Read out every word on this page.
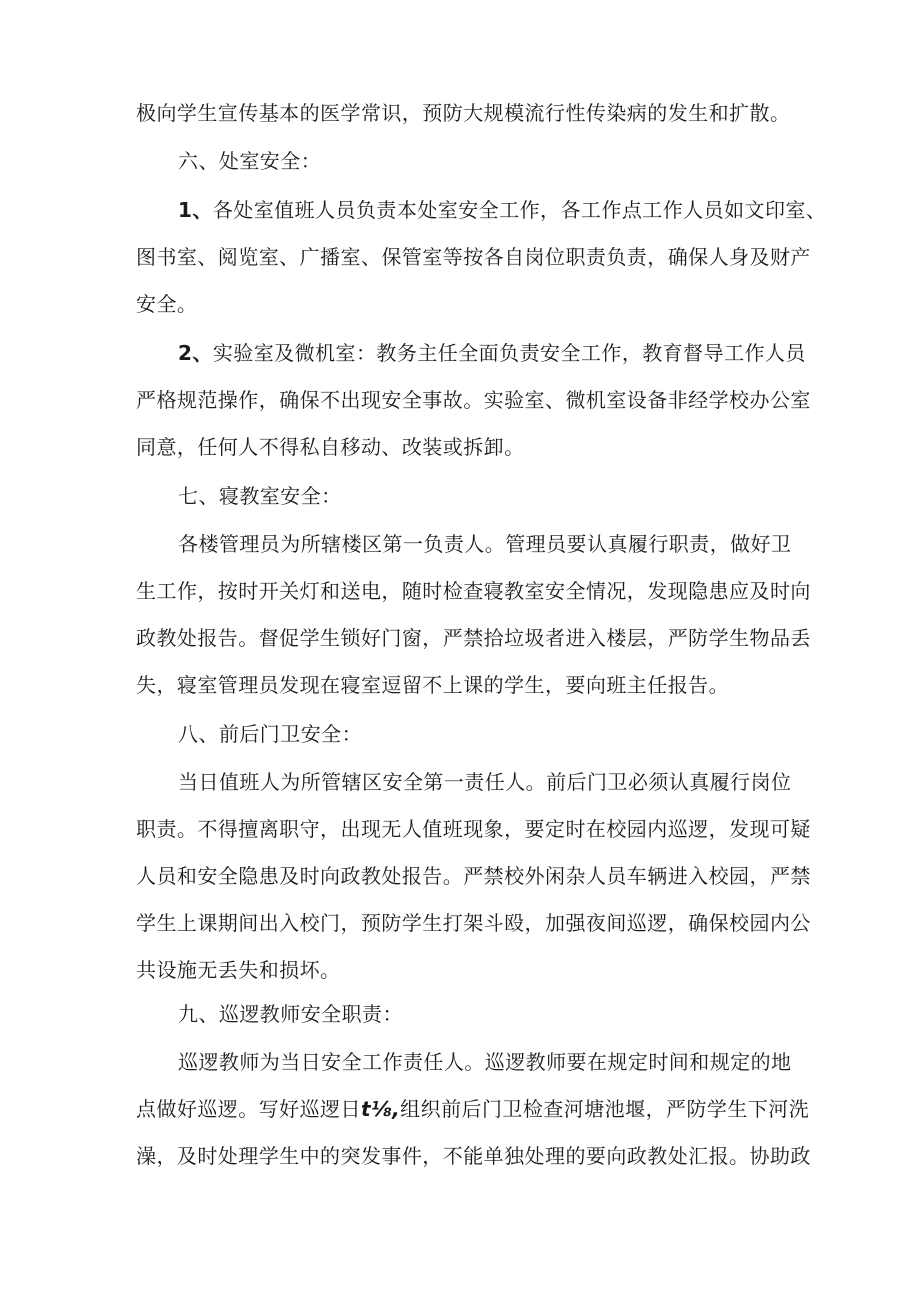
极向学生宣传基本的医学常识，预防大规模流行性传染病的发生和扩散。

六、处室安全：

1、各处室值班人员负责本处室安全工作，各工作点工作人员如文印室、

图书室、阅览室、广播室、保管室等按各自岗位职责负责，确保人身及财产

安全。

2、实验室及微机室：教务主任全面负责安全工作，教育督导工作人员

严格规范操作，确保不出现安全事故。实验室、微机室设备非经学校办公室

同意，任何人不得私自移动、改装或拆卸。

七、寝教室安全：

各楼管理员为所辖楼区第一负责人。管理员要认真履行职责，做好卫

生工作，按时开关灯和送电，随时检查寝教室安全情况，发现隐患应及时向

政教处报告。督促学生锁好门窗，严禁拾垃圾者进入楼层，严防学生物品丢

失，寝室管理员发现在寝室逗留不上课的学生，要向班主任报告。

八、前后门卫安全：

当日值班人为所管辖区安全第一责任人。前后门卫必须认真履行岗位

职责。不得擅离职守，出现无人值班现象，要定时在校园内巡逻，发现可疑

人员和安全隐患及时向政教处报告。严禁校外闲杂人员车辆进入校园，严禁

学生上课期间出入校门，预防学生打架斗殴，加强夜间巡逻，确保校园内公

共设施无丢失和损坏。

九、巡逻教师安全职责：

巡逻教师为当日安全工作责任人。巡逻教师要在规定时间和规定的地

点做好巡逻。写好巡逻日t⅛,组织前后门卫检查河塘池堰，严防学生下河洗

澡，及时处理学生中的突发事件，不能单独处理的要向政教处汇报。协助政
